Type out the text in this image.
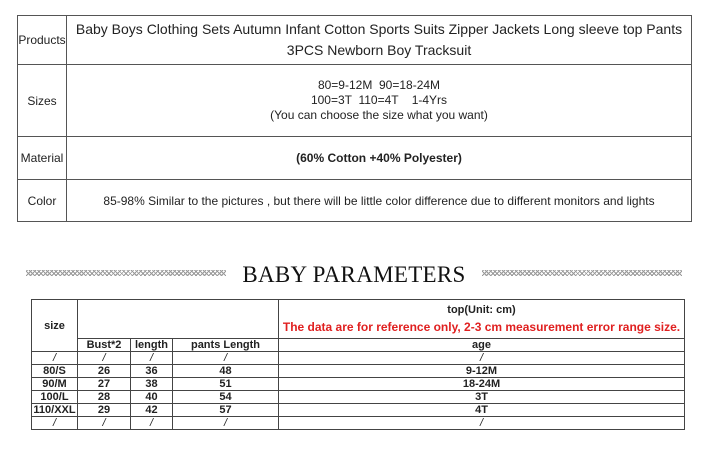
Products	Baby Boys Clothing Sets Autumn Infant Cotton Sports Suits Zipper Jackets Long sleeve top Pants 3PCS Newborn Boy Tracksuit

Sizes	80=9-12M  90=18-24M
100=3T  110=4T    1-4Yrs
(You can choose the size what you want)

Material	(60% Cotton +40% Polyester)
Color	85-98% Similar to the pictures , but there will be little color difference due to different monitors and lights
BABY PARAMETERS
size				top(Unit: cm)
The data are for reference only, 2-3 cm measurement error range size.

	Bust*2	length	pants Length	age
/	/	/	/	/
80/S	26	36	48	9-12M
90/M	27	38	51	18-24M
100/L	28	40	54	3T
110/XXL	29	42	57	4T
/	/	/	/	/
